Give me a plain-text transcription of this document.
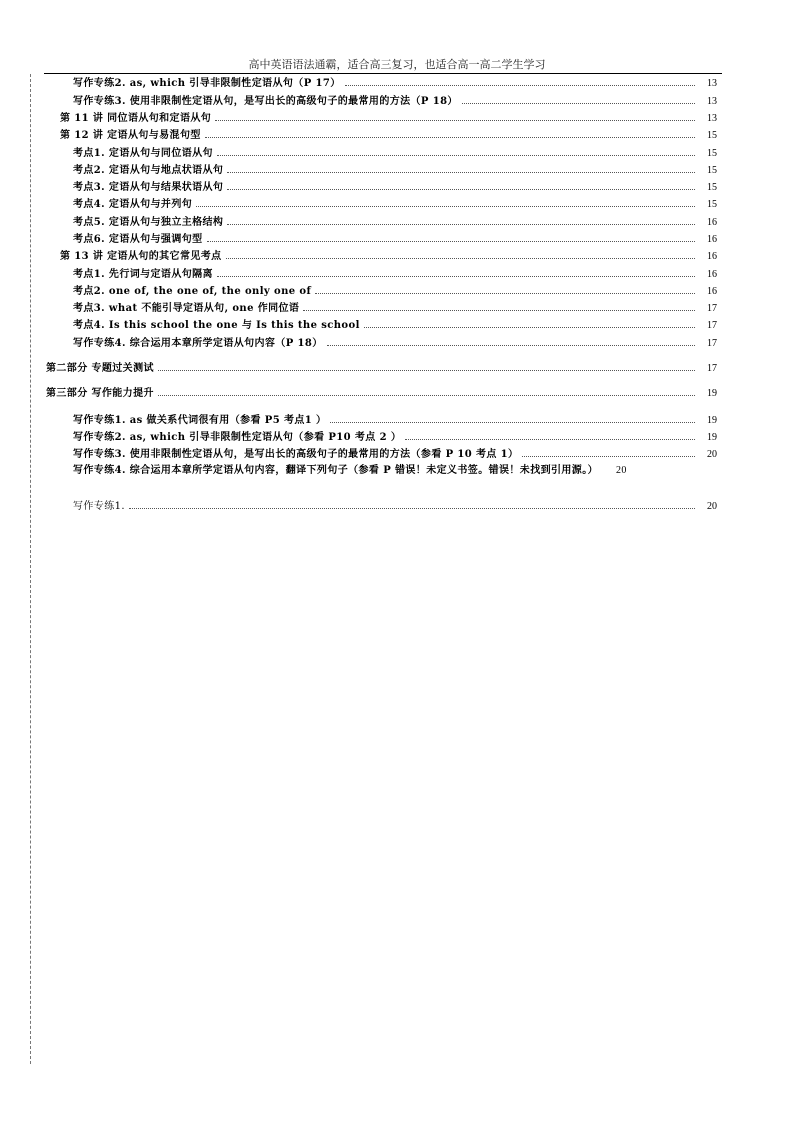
高中英语语法通霸，适合高三复习，也适合高一高二学生学习
写作专练2. as, which 引导非限制性定语从句（P 17）	13
写作专练3. 使用非限制性定语从句，是写出长的高级句子的最常用的方法（P 18）	13
第 11 讲 同位语从句和定语从句	13
第 12 讲 定语从句与易混句型	15
考点1. 定语从句与同位语从句	15
考点2. 定语从句与地点状语从句	15
考点3. 定语从句与结果状语从句	15
考点4. 定语从句与并列句	15
考点5. 定语从句与独立主格结构	16
考点6. 定语从句与强调句型	16
第 13 讲 定语从句的其它常见考点	16
考点1. 先行词与定语从句隔离	16
考点2. one of, the one of, the only one of	16
考点3. what 不能引导定语从句, one 作同位语	17
考点4. Is this school the one 与 Is this the school	17
写作专练4. 综合运用本章所学定语从句内容（P 18）	17
第二部分 专题过关测试	17
第三部分 写作能力提升	19
写作专练1. as 做关系代词很有用（参看 P5 考点1 ）	19
写作专练2. as, which 引导非限制性定语从句（参看 P10 考点 2 ）	19
写作专练3. 使用非限制性定语从句，是写出长的高级句子的最常用的方法（参看 P 10 考点 1）	20
写作专练4. 综合运用本章所学定语从句内容，翻译下列句子（参看 P 错误！未定义书签。错误！未找到引用源。） 20
写作专练1.	20
